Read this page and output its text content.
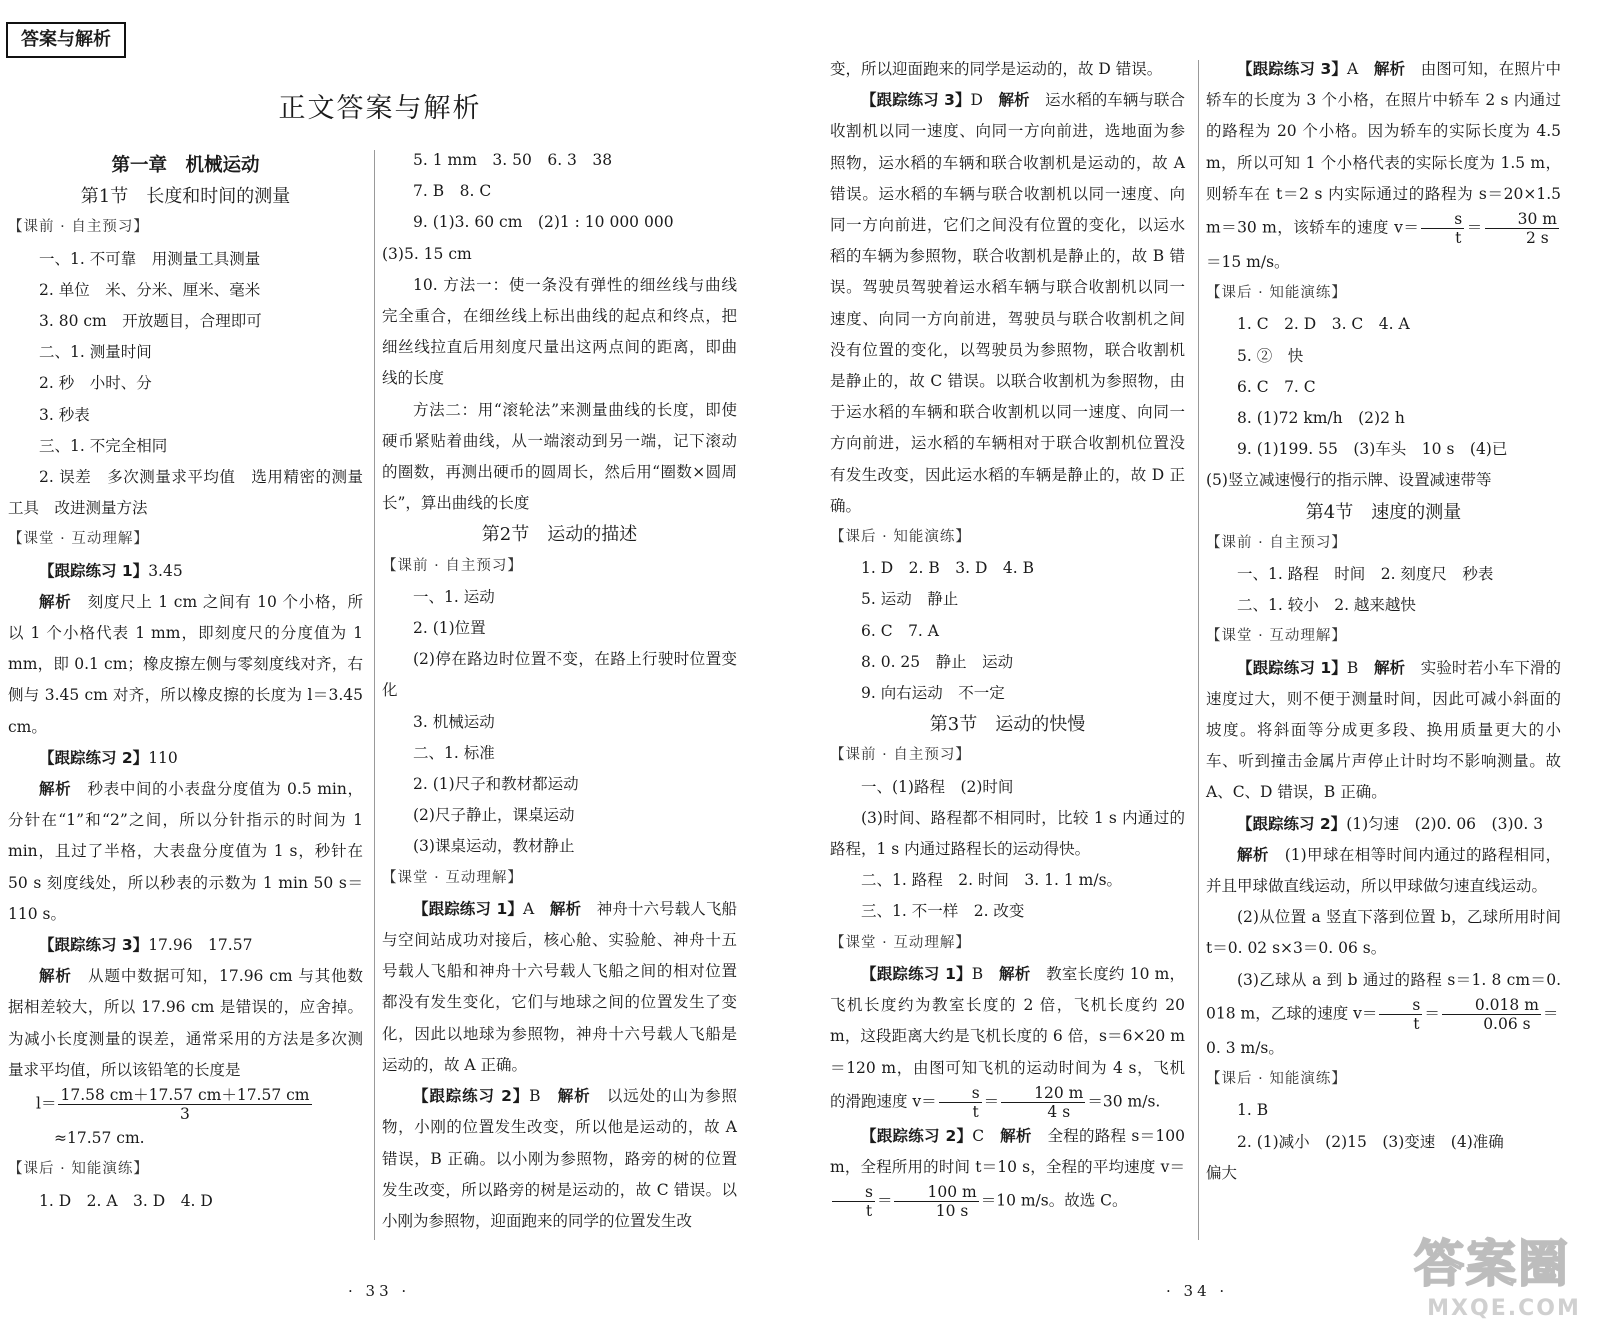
答案与解析
正文答案与解析

第一章　机械运动

第1节　长度和时间的测量

【课前 · 自主预习】

一、1. 不可靠　用测量工具测量

2. 单位　米、分米、厘米、毫米

3. 80 cm　开放题目，合理即可

二、1. 测量时间

2. 秒　小时、分

3. 秒表

三、1. 不完全相同

2. 误差　多次测量求平均值　选用精密的测量工具　改进测量方法

【课堂 · 互动理解】

【跟踪练习 1】3.45

解析　 刻度尺上 1 cm 之间有 10 个小格，所以 1 个小格代表 1 mm，即刻度尺的分度值为 1 mm，即 0.1 cm；橡皮擦左侧与零刻度线对齐，右侧与 3.45 cm 对齐，所以橡皮擦的长度为 l＝3.45 cm。

【跟踪练习 2】110

解析　 秒表中间的小表盘分度值为 0.5 min，分针在“1”和“2”之间，所以分针指示的时间为 1 min，且过了半格，大表盘分度值为 1 s，秒针在 50 s 刻度线处，所以秒表的示数为 1 min 50 s＝110 s。

【跟踪练习 3】17.96　17.57

解析　 从题中数据可知，17.96 cm 与其他数据相差较大，所以 17.96 cm 是错误的，应舍掉。为减小长度测量的误差，通常采用的方法是多次测量求平均值，所以该铅笔的长度是

$l= \frac{17.58 cm+17.57 cm+17.57 cm}{3}$

≈17.57 cm.

【课后 · 知能演练】

1. D　2. A　3. D　4. D

5. 1 mm　3. 50　6. 3　38

7. B　8. C

9. (1)3. 60 cm　(2)1 : 10 000 000

(3)5. 15 cm

10. 方法一：使一条没有弹性的细丝线与曲线完全重合，在细丝线上标出曲线的起点和终点，把细丝线拉直后用刻度尺量出这两点间的距离，即曲线的长度

方法二：用“滚轮法”来测量曲线的长度，即使硬币紧贴着曲线，从一端滚动到另一端，记下滚动的圈数，再测出硬币的圆周长，然后用“圈数×圆周长”，算出曲线的长度

第2节　运动的描述

【课前 · 自主预习】

一、1. 运动

2. (1)位置

(2)停在路边时位置不变，在路上行驶时位置变化

3. 机械运动

二、1. 标准

2. (1)尺子和教材都运动

(2)尺子静止，课桌运动

(3)课桌运动，教材静止

【课堂 · 互动理解】

【跟踪练习 1】A　 解析　 神舟十六号载人飞船与空间站成功对接后，核心舱、实验舱、神舟十五号载人飞船和神舟十六号载人飞船之间的相对位置都没有发生变化，它们与地球之间的位置发生了变化，因此以地球为参照物，神舟十六号载人飞船是运动的，故 A 正确。

【跟踪练习 2】B　 解析　 以远处的山为参照物，小刚的位置发生改变，所以他是运动的，故 A 错误，B 正确。以小刚为参照物，路旁的树的位置发生改变，所以路旁的树是运动的，故 C 错误。以小刚为参照物，迎面跑来的同学的位置发生改

· 33 ·

变，所以迎面跑来的同学是运动的，故 D 错误。

【跟踪练习 3】D　 解析　 运水稻的车辆与联合收割机以同一速度、向同一方向前进，选地面为参照物，运水稻的车辆和联合收割机是运动的，故 A 错误。运水稻的车辆与联合收割机以同一速度、向同一方向前进，它们之间没有位置的变化，以运水稻的车辆为参照物，联合收割机是静止的，故 B 错误。驾驶员驾驶着运水稻车辆与联合收割机以同一速度、向同一方向前进，驾驶员与联合收割机之间没有位置的变化，以驾驶员为参照物，联合收割机是静止的，故 C 错误。以联合收割机为参照物，由于运水稻的车辆和联合收割机以同一速度、向同一方向前进，运水稻的车辆相对于联合收割机位置没有发生改变，因此运水稻的车辆是静止的，故 D 正确。

【课后 · 知能演练】

1. D　2. B　3. D　4. B

5. 运动　静止

6. C　7. A

8. 0. 25　静止　运动

9. 向右运动　不一定

第3节　运动的快慢

【课前 · 自主预习】

一、(1)路程　(2)时间

(3)时间、路程都不相同时，比较 1 s 内通过的路程，1 s 内通过路程长的运动得快。

二、1. 路程　2. 时间　3. 1. 1 m/s。

三、1. 不一样　2. 改变

【课堂 · 互动理解】

【跟踪练习 1】B　 解析　 教室长度约 10 m，飞机长度约为教室长度的 2 倍，飞机长度约 20 m，这段距离大约是飞机长度的 6 倍，s＝6×20 m＝120 m，由图可知飞机的运动时间为 4 s，飞机的滑跑速度 $v= \frac{s}{t} = \frac{120 m}{4 s} =30$ m/s.

【跟踪练习 2】C　 解析　 全程的路程 s＝100 m，全程所用的时间 t＝10 s，全程的平均速度 v＝
$\frac{s}{t} = \frac{100 m}{10 s} =10$ m/s。故选 C。

【跟踪练习 3】A　 解析　 由图可知，在照片中轿车的长度为 3 个小格，在照片中轿车 2 s 内通过的路程为 20 个小格。因为轿车的实际长度为 4.5 m，所以可知 1 个小格代表的实际长度为 1.5 m，则轿车在 t＝2 s 内实际通过的路程为 s＝20×1.5 m＝30 m，该轿车的速度 $v= \frac{s}{t} = \frac{30 m}{2 s}$
＝15 m/s。

【课后 · 知能演练】

1. C　2. D　3. C　4. A

5. ②　快

6. C　7. C

8. (1)72 km/h　(2)2 h

9. (1)199. 55　(3)车头　10 s　(4)已

(5)竖立减速慢行的指示牌、设置减速带等

第4节　速度的测量

【课前 · 自主预习】

一、1. 路程　时间　2. 刻度尺　秒表

二、1. 较小　2. 越来越快

【课堂 · 互动理解】

【跟踪练习 1】B　 解析　 实验时若小车下滑的速度过大，则不便于测量时间，因此可减小斜面的坡度。将斜面等分成更多段、换用质量更大的小车、听到撞击金属片声停止计时均不影响测量。故 A、C、D 错误，B 正确。

【跟踪练习 2】(1)匀速　(2)0. 06　(3)0. 3

解析　 (1)甲球在相等时间内通过的路程相同，并且甲球做直线运动，所以甲球做匀速直线运动。

(2)从位置 a 竖直下落到位置 b，乙球所用时间 t＝0. 02 s×3＝0. 06 s。

(3)乙球从 a 到 b 通过的路程 s＝1. 8 cm＝0. 018 m，乙球的速度 $v= \frac{s}{t} = \frac{0.018 m}{0.06 s}$ ＝

0. 3 m/s。

【课后 · 知能演练】

1. B

2. (1)减小　(2)15　(3)变速　(4)准确

偏大

· 34 ·	答案圈
MXQE.COM
